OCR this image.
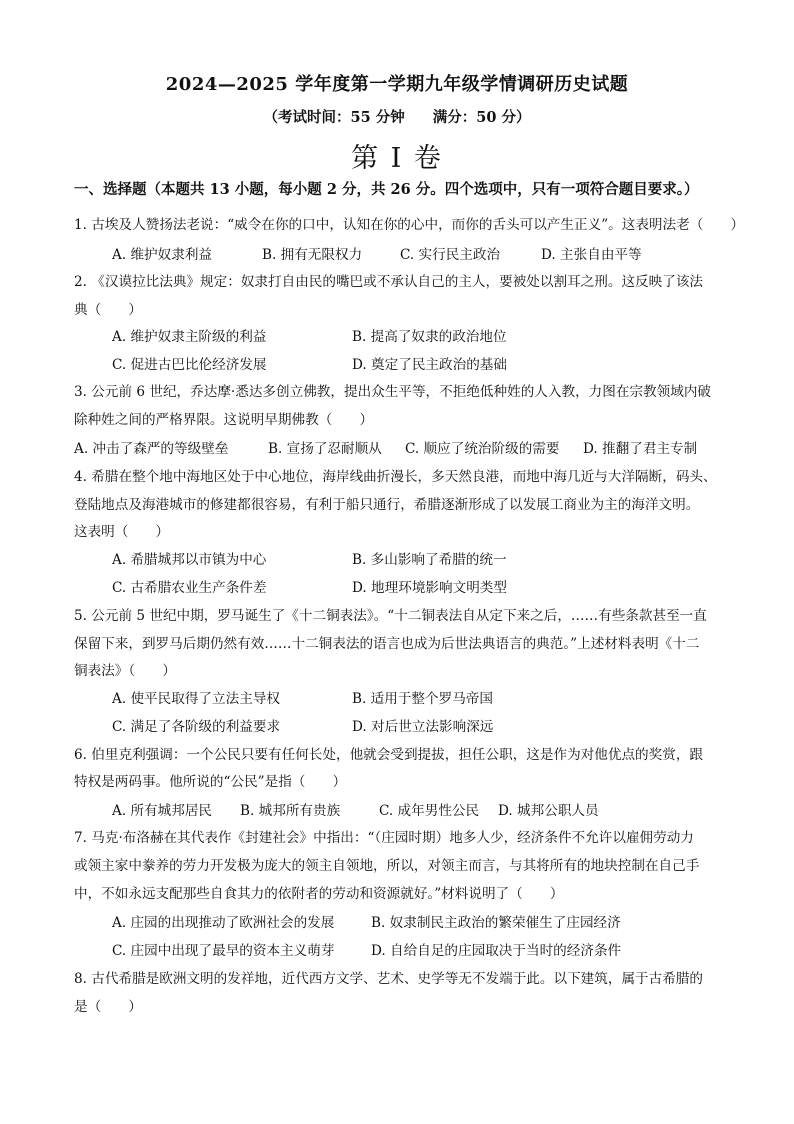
2024—2025 学年度第一学期九年级学情调研历史试题
（考试时间：55 分钟 满分：50 分）
第 I 卷
一、选择题（本题共 13 小题，每小题 2 分，共 26 分。四个选项中，只有一项符合题目要求。）
1. 古埃及人赞扬法老说：“威令在你的口中，认知在你的心中，而你的舌头可以产生正义”。这表明法老（　　）
A. 维护奴隶利益	B. 拥有无限权力	C. 实行民主政治	D. 主张自由平等
2. 《汉谟拉比法典》规定：奴隶打自由民的嘴巴或不承认自己的主人，要被处以割耳之刑。这反映了该法
典（　　）
A. 维护奴隶主阶级的利益	B. 提高了奴隶的政治地位
C. 促进古巴比伦经济发展	D. 奠定了民主政治的基础
3. 公元前 6 世纪，乔达摩·悉达多创立佛教，提出众生平等，不拒绝低种姓的人入教，力图在宗教领域内破
除种姓之间的严格界限。这说明早期佛教（　　）
A. 冲击了森严的等级壁垒	B. 宣扬了忍耐顺从 C. 顺应了统治阶级的需要 D. 推翻了君主专制
4. 希腊在整个地中海地区处于中心地位，海岸线曲折漫长，多天然良港，而地中海几近与大洋隔断，码头、
登陆地点及海港城市的修建都很容易，有利于船只通行，希腊逐渐形成了以发展工商业为主的海洋文明。
这表明（　　）
A. 希腊城邦以市镇为中心	B. 多山影响了希腊的统一
C. 古希腊农业生产条件差	D. 地理环境影响文明类型
5. 公元前 5 世纪中期，罗马诞生了《十二铜表法》。“十二铜表法自从定下来之后，……有些条款甚至一直
保留下来，到罗马后期仍然有效……十二铜表法的语言也成为后世法典语言的典范。”上述材料表明《十二
铜表法》（　　）
A. 使平民取得了立法主导权	B. 适用于整个罗马帝国
C. 满足了各阶级的利益要求	D. 对后世立法影响深远
6. 伯里克利强调：一个公民只要有任何长处，他就会受到提拔，担任公职，这是作为对他优点的奖赏，跟
特权是两码事。他所说的“公民”是指（　　）
A. 所有城邦居民 B. 城邦所有贵族	C. 成年男性公民 D. 城邦公职人员
7. 马克·布洛赫在其代表作《封建社会》中指出：“（庄园时期）地多人少，经济条件不允许以雇佣劳动力
或领主家中豢养的劳力开发极为庞大的领主自领地，所以，对领主而言，与其将所有的地块控制在自己手
中，不如永远支配那些自食其力的依附者的劳动和资源就好。”材料说明了（　　）
A. 庄园的出现推动了欧洲社会的发展	B. 奴隶制民主政治的繁荣催生了庄园经济
C. 庄园中出现了最早的资本主义萌芽	D. 自给自足的庄园取决于当时的经济条件
8. 古代希腊是欧洲文明的发祥地，近代西方文学、艺术、史学等无不发端于此。以下建筑，属于古希腊的
是（　　）
